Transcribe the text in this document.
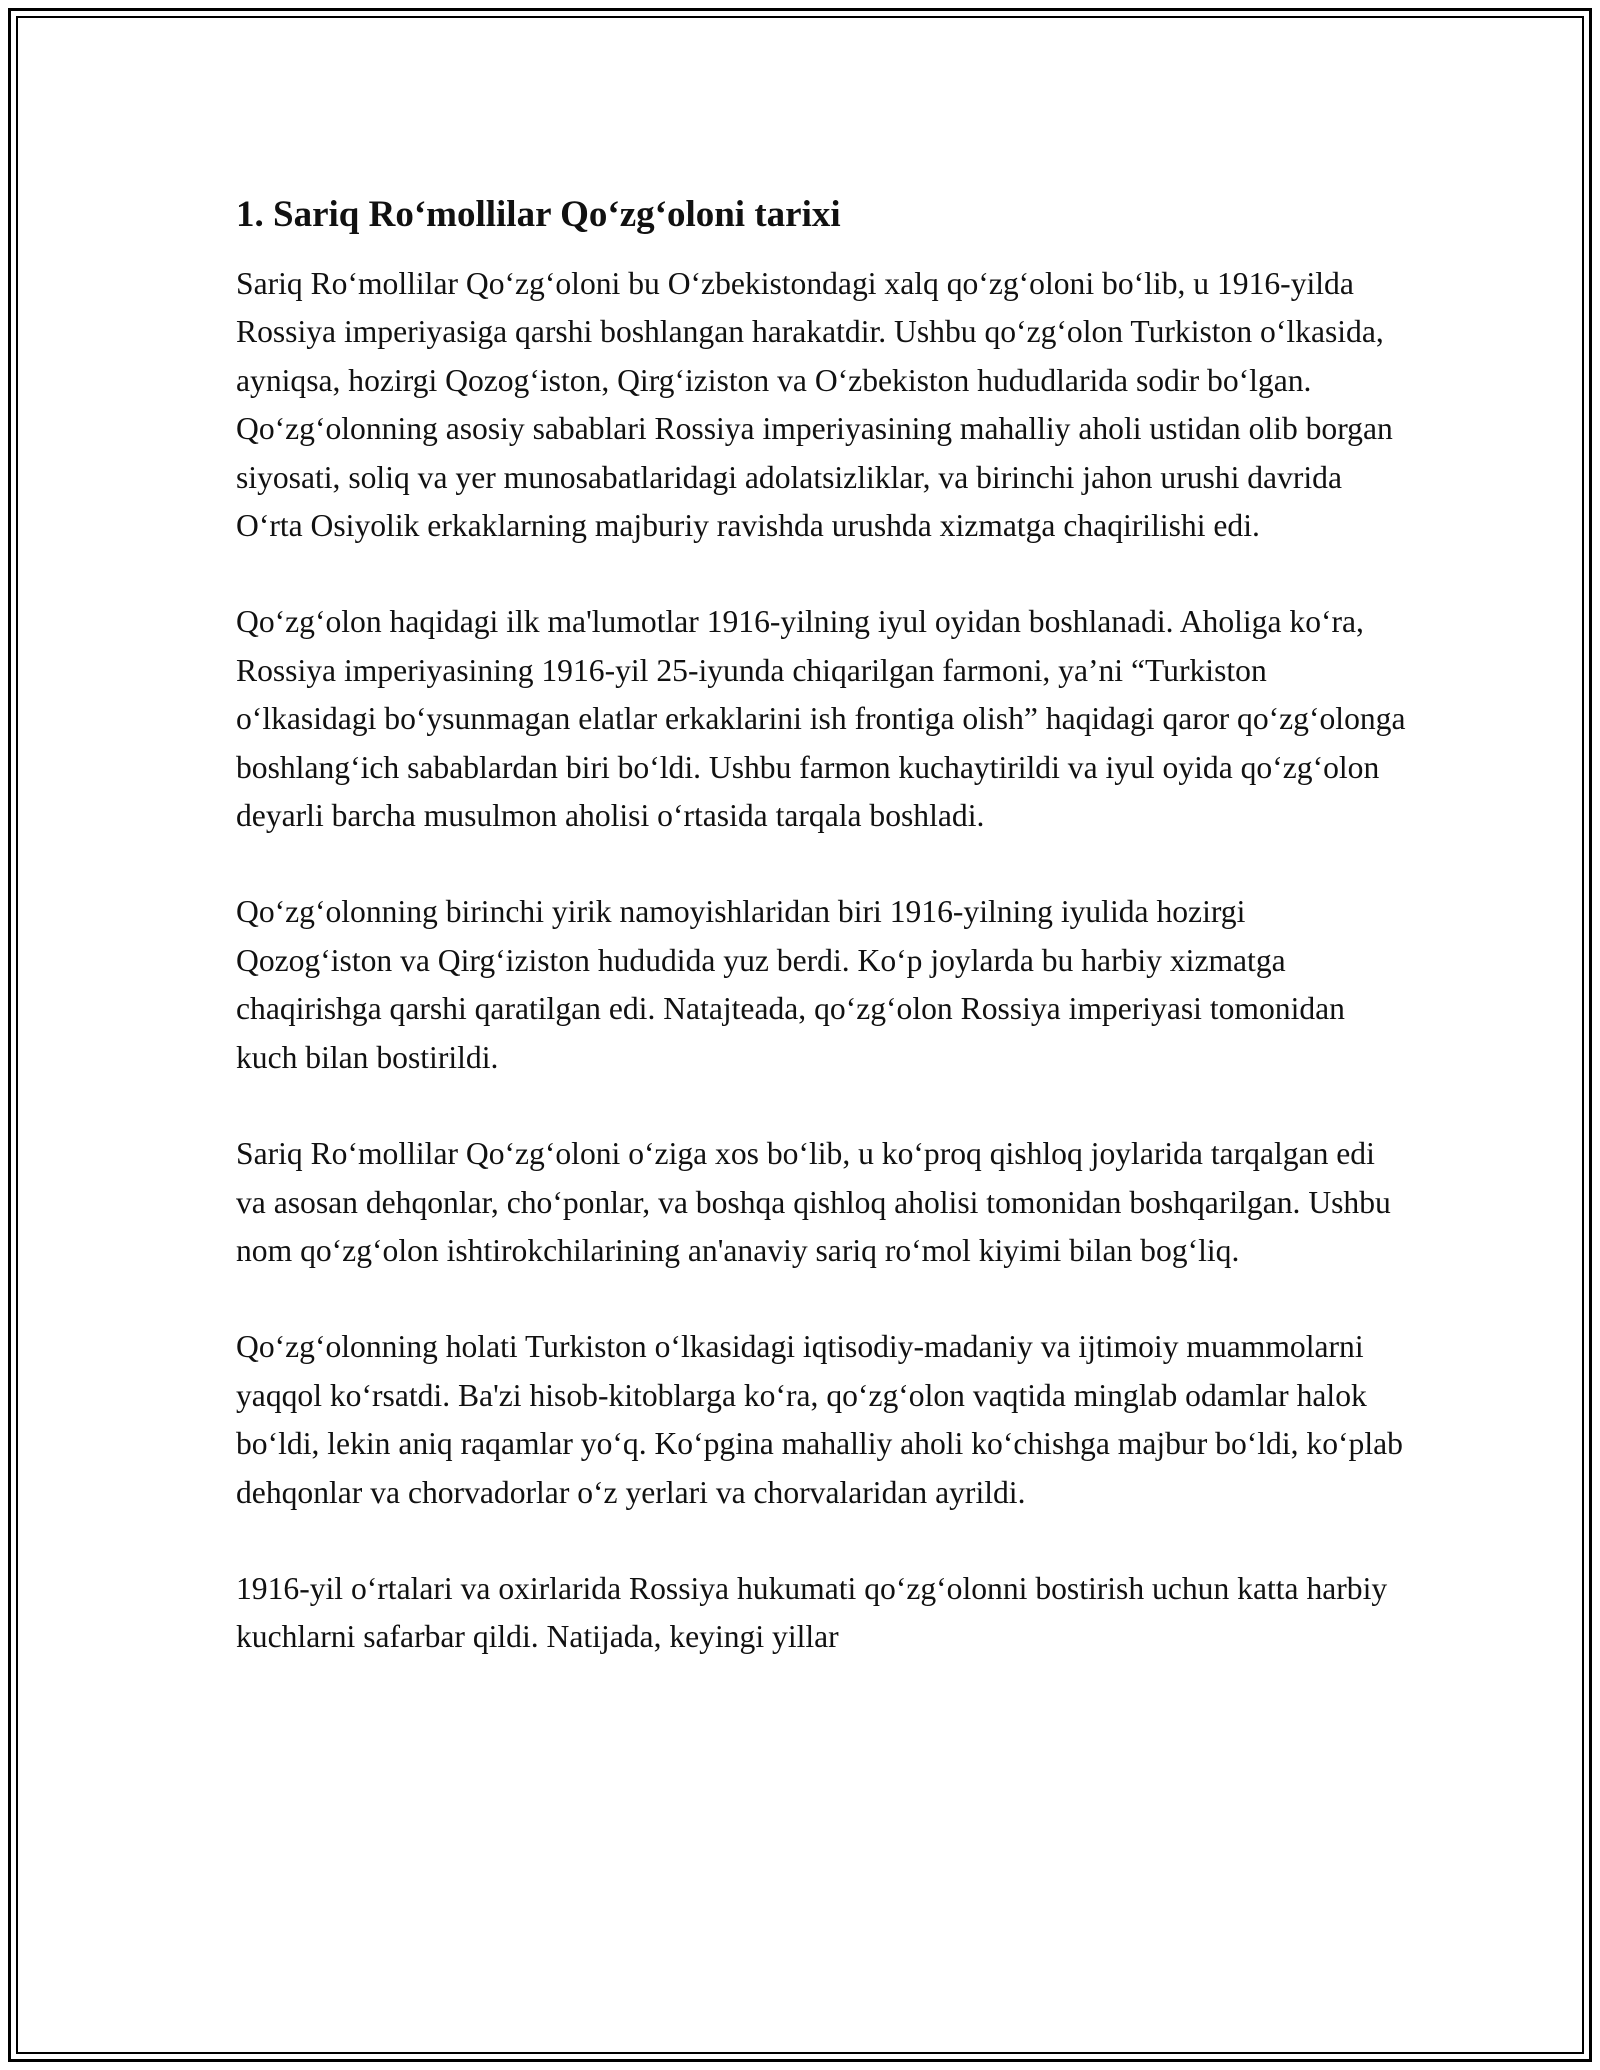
1. Sariq Ro‘mollilar Qo‘zg‘oloni tarixi

Sariq Ro‘mollilar Qo‘zg‘oloni bu O‘zbekistondagi xalq qo‘zg‘oloni bo‘lib, u 1916-yilda Rossiya imperiyasiga qarshi boshlangan harakatdir. Ushbu qo‘zg‘olon Turkiston o‘lkasida, ayniqsa, hozirgi Qozog‘iston, Qirg‘iziston va O‘zbekiston hududlarida sodir bo‘lgan. Qo‘zg‘olonning asosiy sabablari Rossiya imperiyasining mahalliy aholi ustidan olib borgan siyosati, soliq va yer munosabatlaridagi adolatsizliklar, va birinchi jahon urushi davrida O‘rta Osiyolik erkaklarning majburiy ravishda urushda xizmatga chaqirilishi edi.

Qo‘zg‘olon haqidagi ilk ma'lumotlar 1916-yilning iyul oyidan boshlanadi. Aholiga ko‘ra, Rossiya imperiyasining 1916-yil 25-iyunda chiqarilgan farmoni, ya’ni “Turkiston o‘lkasidagi bo‘ysunmagan elatlar erkaklarini ish frontiga olish” haqidagi qaror qo‘zg‘olonga boshlang‘ich sabablardan biri bo‘ldi. Ushbu farmon kuchaytirildi va iyul oyida qo‘zg‘olon deyarli barcha musulmon aholisi o‘rtasida tarqala boshladi.

Qo‘zg‘olonning birinchi yirik namoyishlaridan biri 1916-yilning iyulida hozirgi Qozog‘iston va Qirg‘iziston hududida yuz berdi. Ko‘p joylarda bu harbiy xizmatga chaqirishga qarshi qaratilgan edi. Natajteada, qo‘zg‘olon Rossiya imperiyasi tomonidan kuch bilan bostirildi.

Sariq Ro‘mollilar Qo‘zg‘oloni o‘ziga xos bo‘lib, u ko‘proq qishloq joylarida tarqalgan edi va asosan dehqonlar, cho‘ponlar, va boshqa qishloq aholisi tomonidan boshqarilgan. Ushbu nom qo‘zg‘olon ishtirokchilarining an'anaviy sariq ro‘mol kiyimi bilan bog‘liq.

Qo‘zg‘olonning holati Turkiston o‘lkasidagi iqtisodiy-madaniy va ijtimoiy muammolarni yaqqol ko‘rsatdi. Ba'zi hisob-kitoblarga ko‘ra, qo‘zg‘olon vaqtida minglab odamlar halok bo‘ldi, lekin aniq raqamlar yo‘q. Ko‘pgina mahalliy aholi ko‘chishga majbur bo‘ldi, ko‘plab dehqonlar va chorvadorlar o‘z yerlari va chorvalaridan ayrildi.

1916-yil o‘rtalari va oxirlarida Rossiya hukumati qo‘zg‘olonni bostirish uchun katta harbiy kuchlarni safarbar qildi. Natijada, keyingi yillar
